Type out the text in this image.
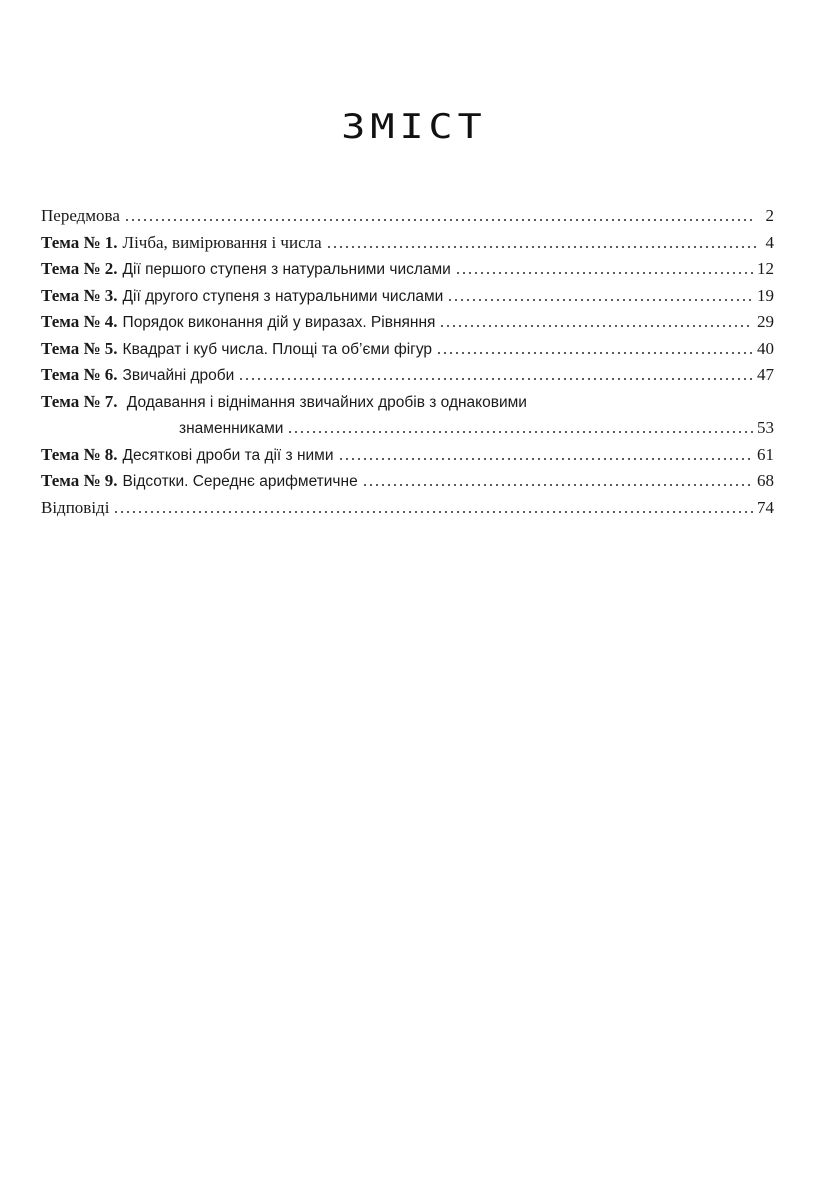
ЗМІСТ
Передмова	2
Тема № 1. Лічба, вимірювання і числа	4
Тема № 2. Дії першого ступеня з натуральними числами	12
Тема № 3. Дії другого ступеня з натуральними числами	19
Тема № 4. Порядок виконання дій у виразах. Рівняння	29
Тема № 5. Квадрат і куб числа. Площі та об’єми фігур	40
Тема № 6. Звичайні дроби	47
Тема № 7. Додавання і віднімання звичайних дробів з однаковими
знаменниками	53
Тема № 8. Десяткові дроби та дії з ними	61
Тема № 9. Відсотки. Середнє арифметичне	68
Відповіді	74
